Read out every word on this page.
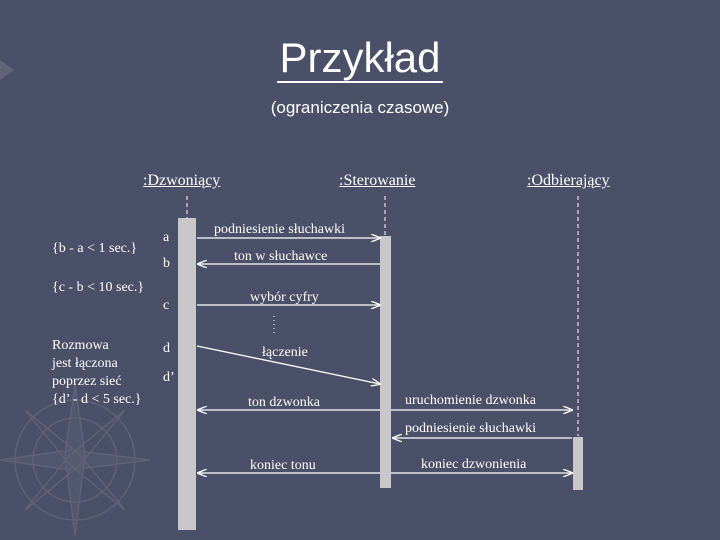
Przykład
(ograniczenia czasowe)
:Dzwoniący	:Sterowanie	:Odbierający
a
b
c
d
d’
{b - a < 1 sec.}
{c - b < 10 sec.}
Rozmowa
jest łączona
poprzez sieć
{d’ - d < 5 sec.}
podniesienie słuchawki
ton w słuchawce
wybór cyfry
łączenie
ton dzwonka	uruchomienie dzwonka
podniesienie słuchawki
koniec tonu	koniec dzwonienia
